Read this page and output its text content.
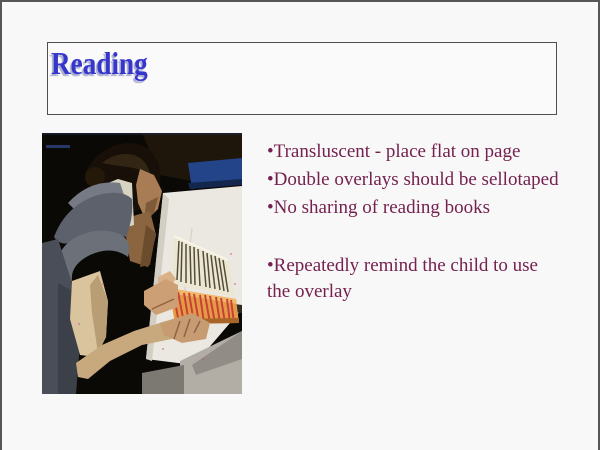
Reading
•Transluscent - place flat on page
•Double overlays should be sellotaped
•No sharing of reading books
•Repeatedly remind the child to use the overlay
